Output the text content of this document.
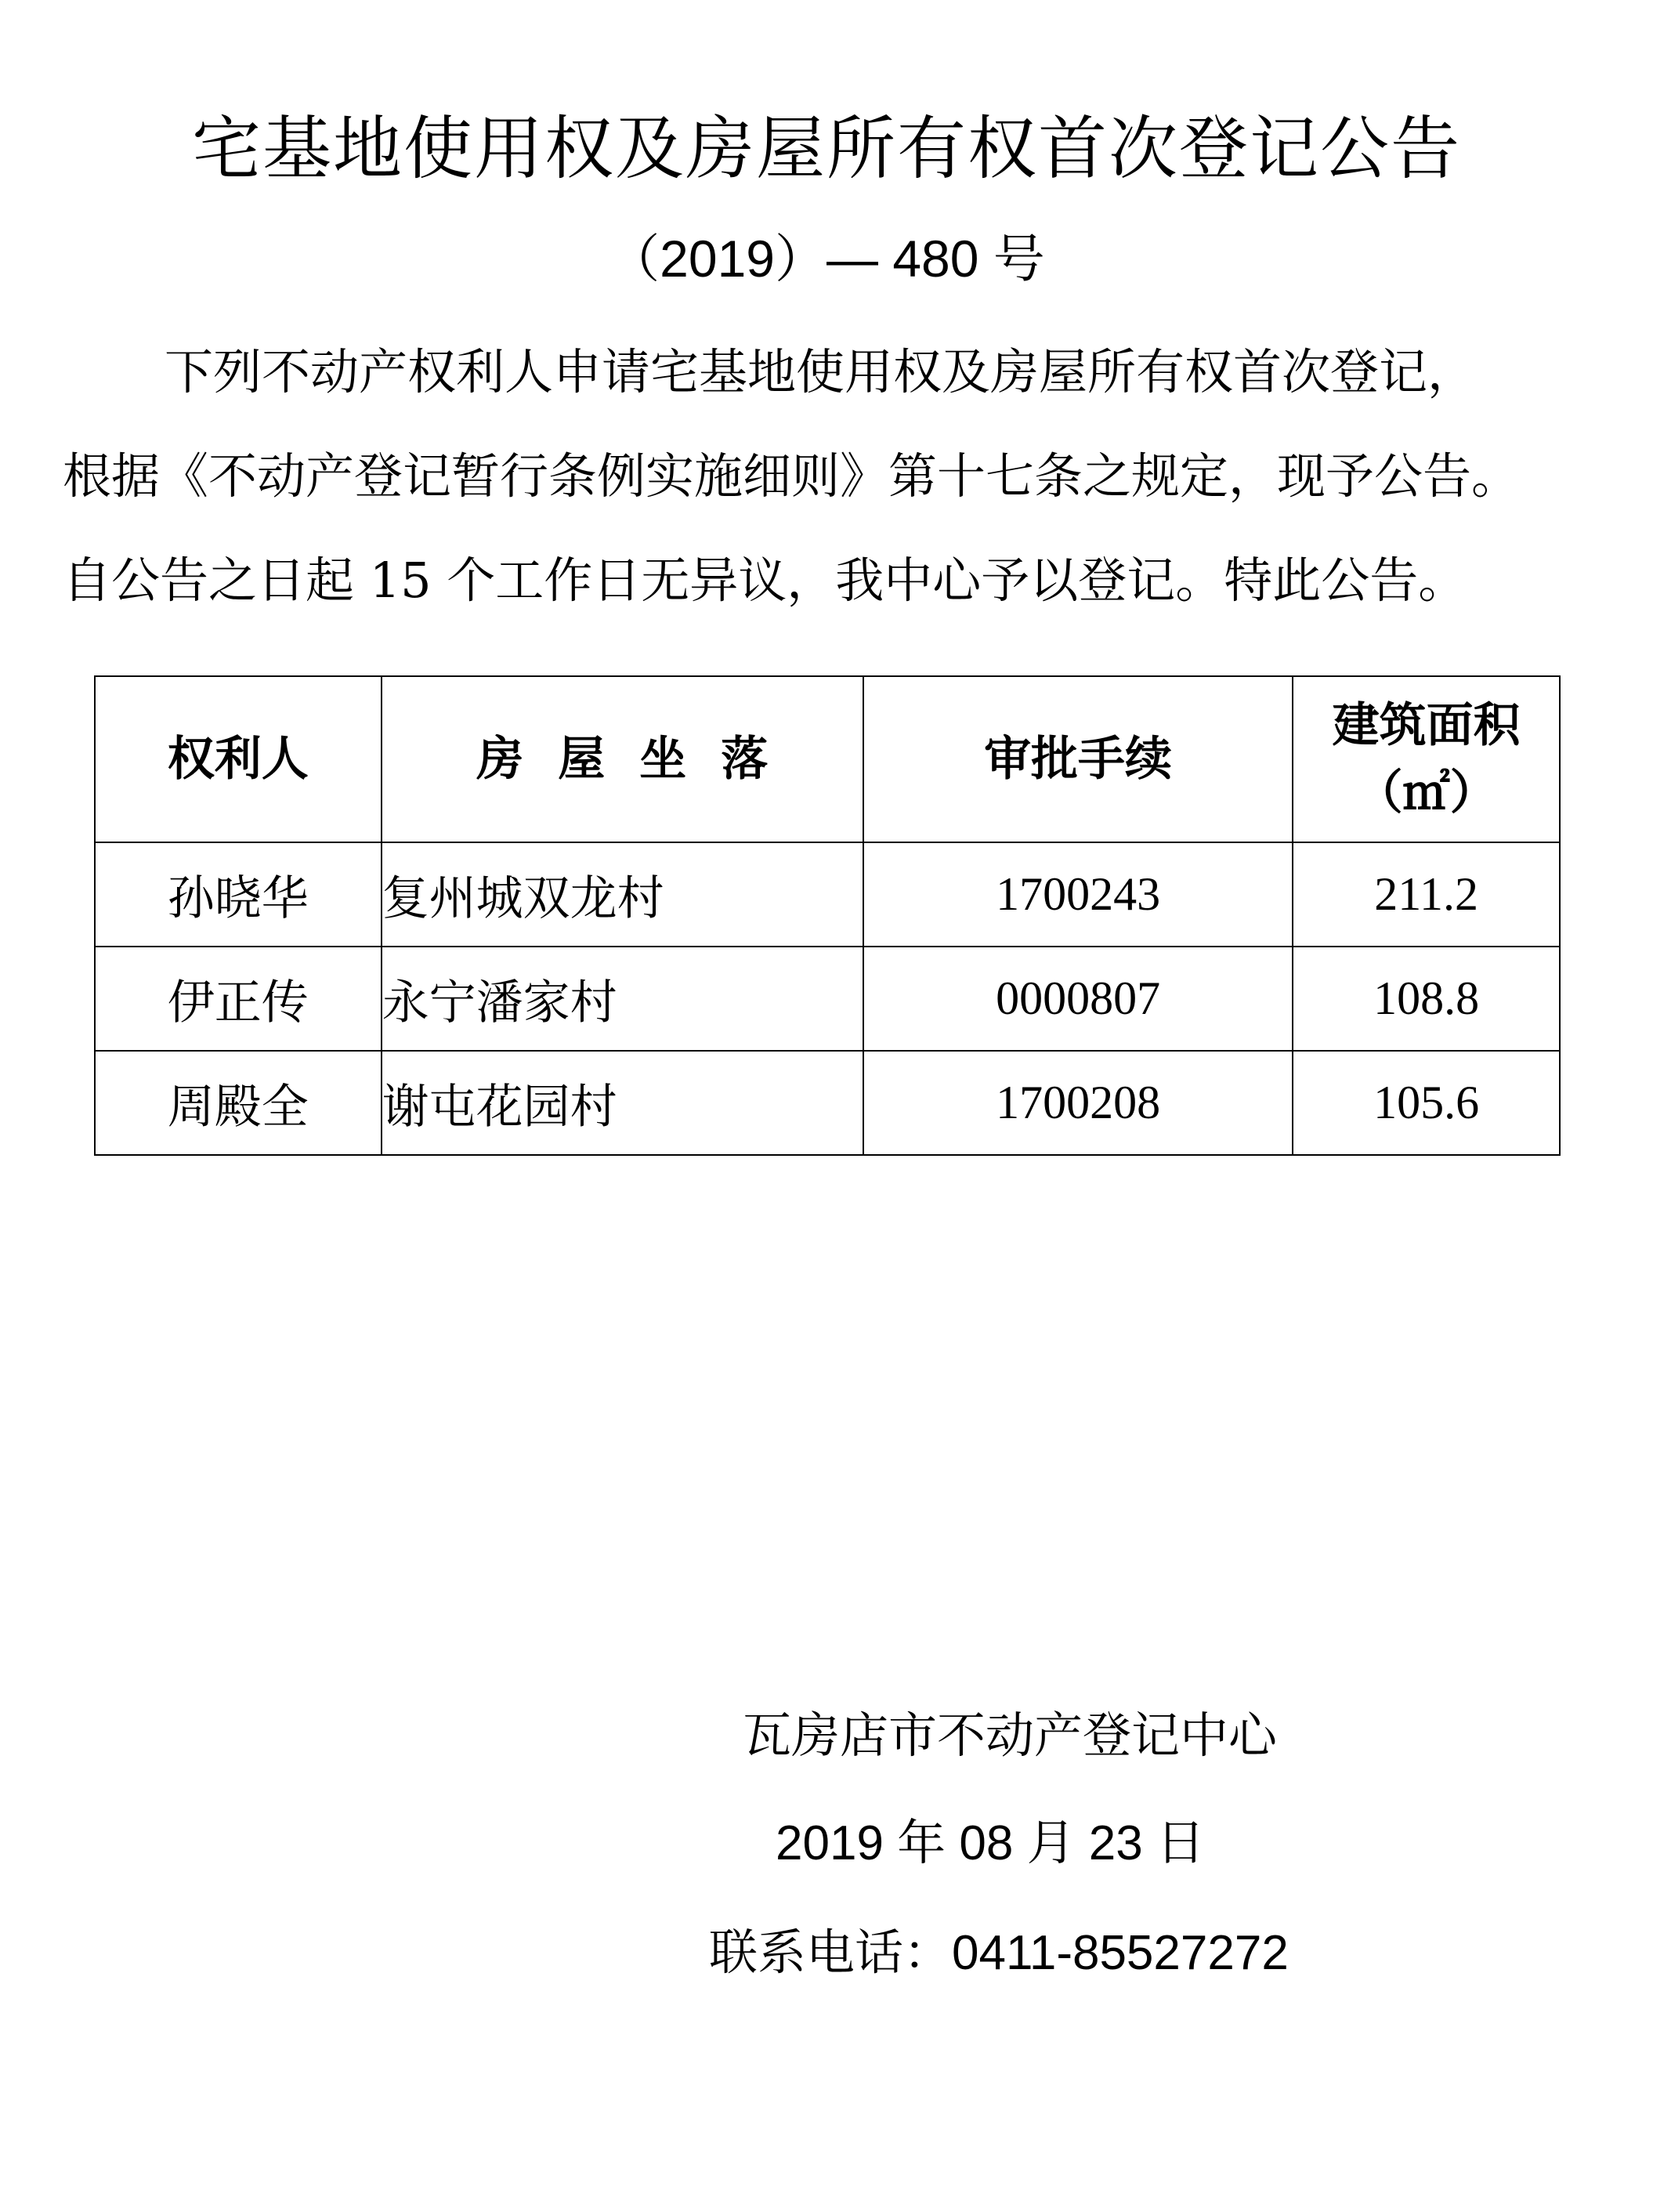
宅基地使用权及房屋所有权首次登记公告
（2019）— 480 号
下列不动产权利人申请宅基地使用权及房屋所有权首次登记，
根据《不动产登记暂行条例实施细则》第十七条之规定，现予公告。
自公告之日起 15 个工作日无异议，我中心予以登记。特此公告。
权利人	房屋坐落	审批手续	建筑面积
（㎡）

孙晓华	复州城双龙村	1700243	211.2
伊正传	永宁潘家村	0000807	108.8
周殿全	谢屯花园村	1700208	105.6
瓦房店市不动产登记中心
2019 年 08 月 23 日
联系电话：0411-85527272
